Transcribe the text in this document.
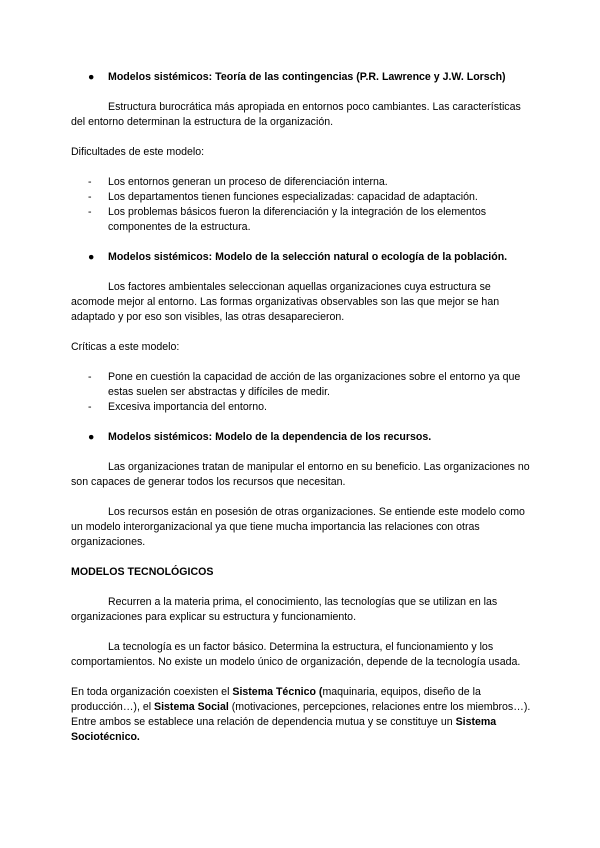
● Modelos sistémicos: Teoría de las contingencias (P.R. Lawrence y J.W. Lorsch)

Estructura burocrática más apropiada en entornos poco cambiantes. Las características del entorno determinan la estructura de la organización.

Dificultades de este modelo:

- Los entornos generan un proceso de diferenciación interna.
- Los departamentos tienen funciones especializadas: capacidad de adaptación.
- Los problemas básicos fueron la diferenciación y la integración de los elementos componentes de la estructura.
● Modelos sistémicos: Modelo de la selección natural o ecología de la población.

Los factores ambientales seleccionan aquellas organizaciones cuya estructura se acomode mejor al entorno. Las formas organizativas observables son las que mejor se han adaptado y por eso son visibles, las otras desaparecieron.

Críticas a este modelo:

- Pone en cuestión la capacidad de acción de las organizaciones sobre el entorno ya que estas suelen ser abstractas y difíciles de medir.
- Excesiva importancia del entorno.
● Modelos sistémicos: Modelo de la dependencia de los recursos.

Las organizaciones tratan de manipular el entorno en su beneficio. Las organizaciones no son capaces de generar todos los recursos que necesitan.

Los recursos están en posesión de otras organizaciones. Se entiende este modelo como un modelo interorganizacional ya que tiene mucha importancia las relaciones con otras organizaciones.

MODELOS TECNOLÓGICOS

Recurren a la materia prima, el conocimiento, las tecnologías que se utilizan en las organizaciones para explicar su estructura y funcionamiento.

La tecnología es un factor básico. Determina la estructura, el funcionamiento y los comportamientos. No existe un modelo único de organización, depende de la tecnología usada.

En toda organización coexisten el Sistema Técnico (maquinaria, equipos, diseño de la producción…), el Sistema Social (motivaciones, percepciones, relaciones entre los miembros…). Entre ambos se establece una relación de dependencia mutua y se constituye un Sistema Sociotécnico.
